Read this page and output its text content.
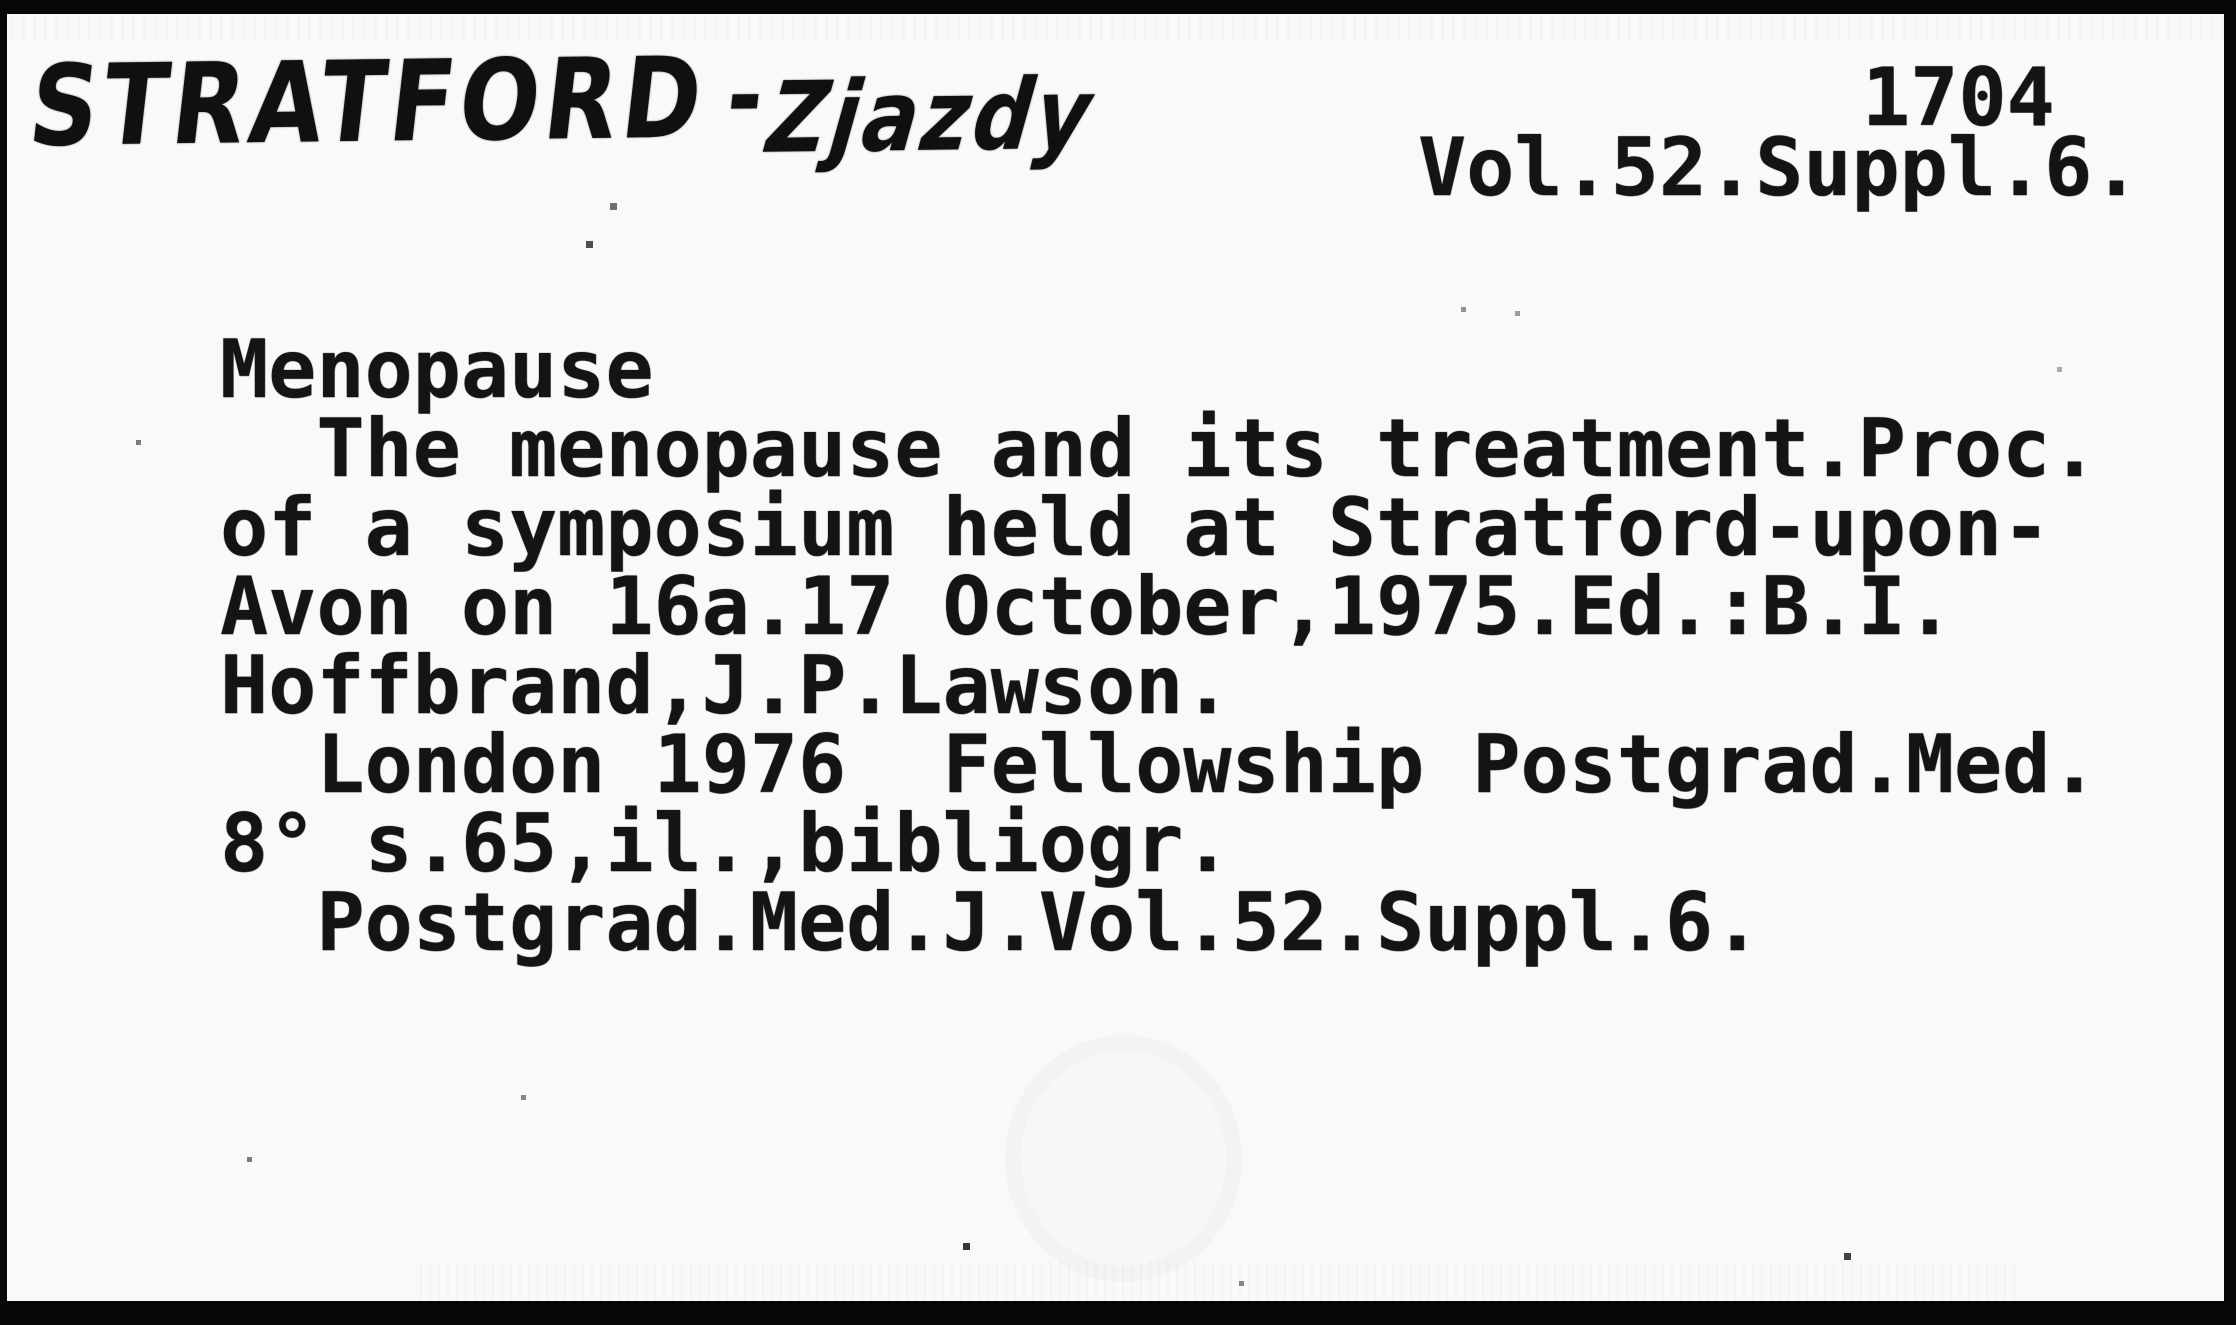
STRATFORD-Zjazdy	1704
Vol.52.Suppl.6.
Menopause
The menopause and its treatment.Proc.
of a symposium held at Stratford-upon-
Avon on 16a.17 October,1975.Ed.:B.I.
Hoffbrand,J.P.Lawson.
London 1976  Fellowship Postgrad.Med.
8° s.65,il.,bibliogr.
Postgrad.Med.J.Vol.52.Suppl.6.
